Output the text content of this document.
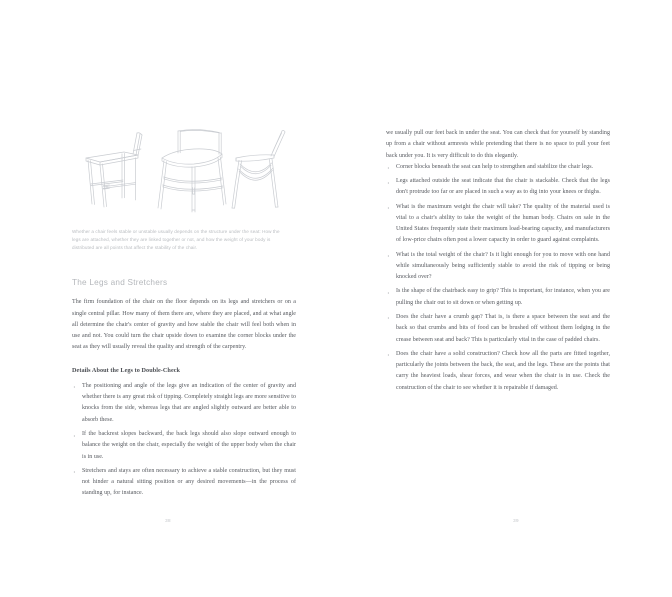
Whether a chair feels stable or unstable usually depends on the structure under the seat: How the legs are attached, whether they are linked together or not, and how the weight of your body is distributed are all points that affect the stability of the chair.

The Legs and Stretchers

The firm foundation of the chair on the floor depends on its legs and stretchers or on a single central pillar. How many of them there are, where they are placed, and at what angle all determine the chair's center of gravity and how stable the chair will feel both when in use and not. You could turn the chair upside down to examine the corner blocks under the seat as they will usually reveal the quality and strength of the carpentry.

Details About the Legs to Double-Check
· The positioning and angle of the legs give an indication of the center of gravity and whether there is any great risk of tipping. Completely straight legs are more sensitive to knocks from the side, whereas legs that are angled slightly outward are better able to absorb these.
· If the backrest slopes backward, the back legs should also slope outward enough to balance the weight on the chair, especially the weight of the upper body when the chair is in use.
· Stretchers and stays are often necessary to achieve a stable construction, but they must not hinder a natural sitting position or any desired movements—in the process of standing up, for instance.
38

we usually pull our feet back in under the seat. You can check that for yourself by standing up from a chair without armrests while pretending that there is no space to pull your feet back under you. It is very difficult to do this elegantly.

· Corner blocks beneath the seat can help to strengthen and stabilize the chair legs.
· Legs attached outside the seat indicate that the chair is stackable. Check that the legs don't protrude too far or are placed in such a way as to dig into your knees or thighs.
· What is the maximum weight the chair will take? The quality of the material used is vital to a chair's ability to take the weight of the human body. Chairs on sale in the United States frequently state their maximum load-bearing capacity, and manufacturers of low-price chairs often post a lower capacity in order to guard against complaints.
· What is the total weight of the chair? Is it light enough for you to move with one hand while simultaneously being sufficiently stable to avoid the risk of tipping or being knocked over?
· Is the shape of the chairback easy to grip? This is important, for instance, when you are pulling the chair out to sit down or when getting up.
· Does the chair have a crumb gap? That is, is there a space between the seat and the back so that crumbs and bits of food can be brushed off without them lodging in the crease between seat and back? This is particularly vital in the case of padded chairs.
· Does the chair have a solid construction? Check how all the parts are fitted together, particularly the joints between the back, the seat, and the legs. These are the points that carry the heaviest loads, shear forces, and wear when the chair is in use. Check the construction of the chair to see whether it is repairable if damaged.
39
